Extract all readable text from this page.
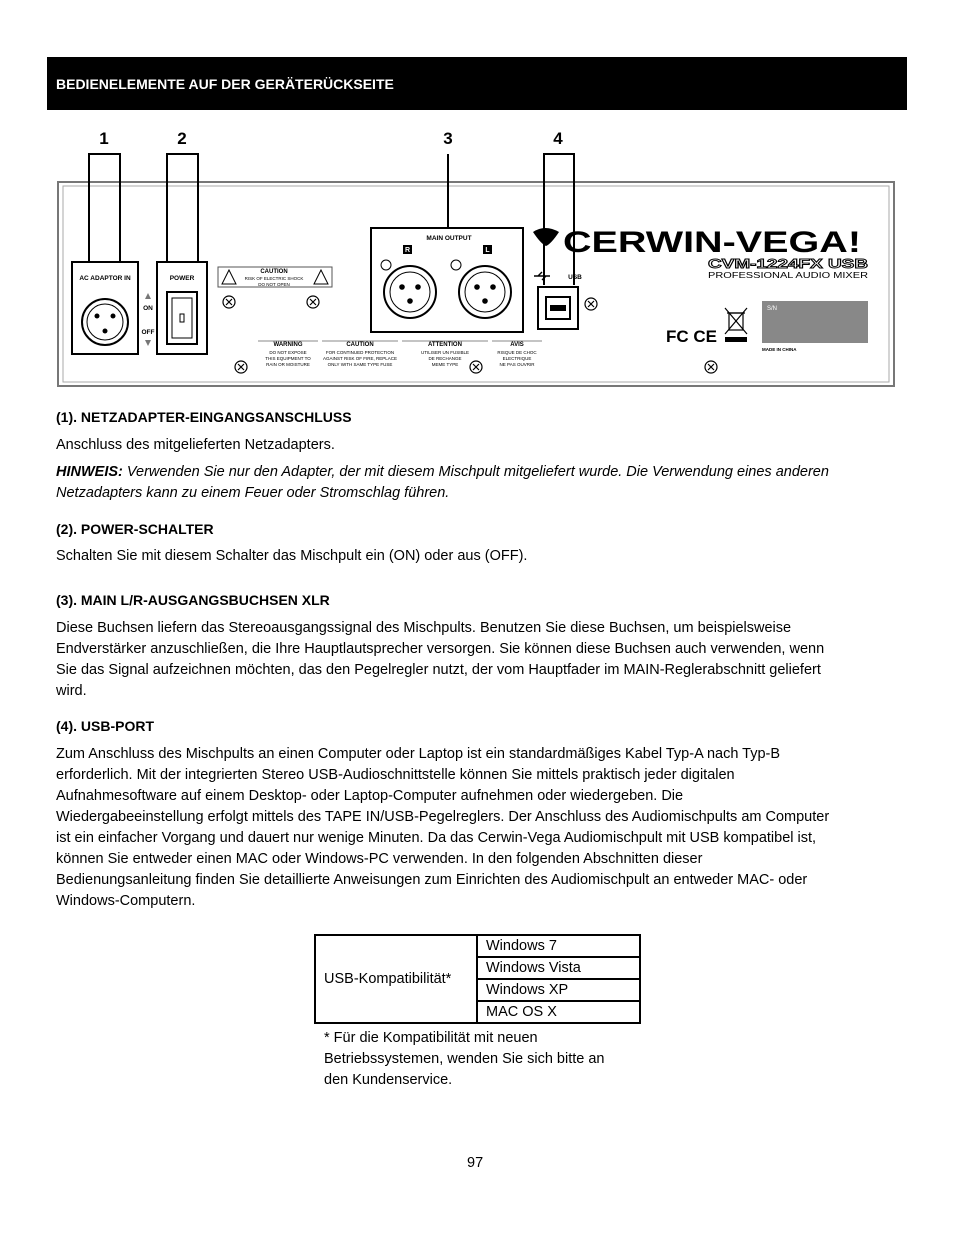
BEDIENELEMENTE AUF DER GERÄTERÜCKSEITE
1	2	3	4
AC ADAPTOR IN	POWER
ON
OFF
CAUTION
RISK OF ELECTRIC SHOCK
DO NOT OPEN
WARNING
DO NOT EXPOSE
THIS EQUIPMENT TO
RAIN OR MOISTURE
CAUTION
FOR CONTINUED PROTECTION
AGAINST RISK OF FIRE, REPLACE
ONLY WITH SAME TYPE FUSE
ATTENTION
UTILISER UN FUSIBLE
DE RECHANGE
MEME TYPE
AVIS
RISQUE DE CHOC
ELECTRIQUE
NE PAS OUVRIR
MAIN OUTPUT
R	L
USB
CERWIN-VEGA!
CVM-1224FX USB
PROFESSIONAL AUDIO MIXER
S/N
MADE IN CHINA
FC CE
(1). NETZADAPTER-EINGANGSANSCHLUSS
Anschluss des mitgelieferten Netzadapters.
HINWEIS: Verwenden Sie nur den Adapter, der mit diesem Mischpult mitgeliefert wurde. Die Verwendung eines anderen
Netzadapters kann zu einem Feuer oder Stromschlag führen.
(2). POWER-SCHALTER
Schalten Sie mit diesem Schalter das Mischpult ein (ON) oder aus (OFF).
(3). MAIN L/R-AUSGANGSBUCHSEN XLR
Diese Buchsen liefern das Stereoausgangssignal des Mischpults. Benutzen Sie diese Buchsen, um beispielsweise
Endverstärker anzuschließen, die Ihre Hauptlautsprecher versorgen. Sie können diese Buchsen auch verwenden, wenn
Sie das Signal aufzeichnen möchten, das den Pegelregler nutzt, der vom Hauptfader im MAIN-Reglerabschnitt geliefert
wird.
(4). USB-PORT
Zum Anschluss des Mischpults an einen Computer oder Laptop ist ein standardmäßiges Kabel Typ-A nach Typ-B
erforderlich. Mit der integrierten Stereo USB-Audioschnittstelle können Sie mittels praktisch jeder digitalen
Aufnahmesoftware auf einem Desktop- oder Laptop-Computer aufnehmen oder wiedergeben. Die
Wiedergabeeinstellung erfolgt mittels des TAPE IN/USB-Pegelreglers. Der Anschluss des Audiomischpults am Computer
ist ein einfacher Vorgang und dauert nur wenige Minuten. Da das Cerwin-Vega Audiomischpult mit USB kompatibel ist,
können Sie entweder einen MAC oder Windows-PC verwenden. In den folgenden Abschnitten dieser
Bedienungsanleitung finden Sie detaillierte Anweisungen zum Einrichten des Audiomischpult an entweder MAC- oder
Windows-Computern.
USB-Kompatibilität*	Windows 7
Windows Vista
Windows XP
MAC OS X
* Für die Kompatibilität mit neuen
Betriebssystemen, wenden Sie sich bitte an
den Kundenservice.
97
